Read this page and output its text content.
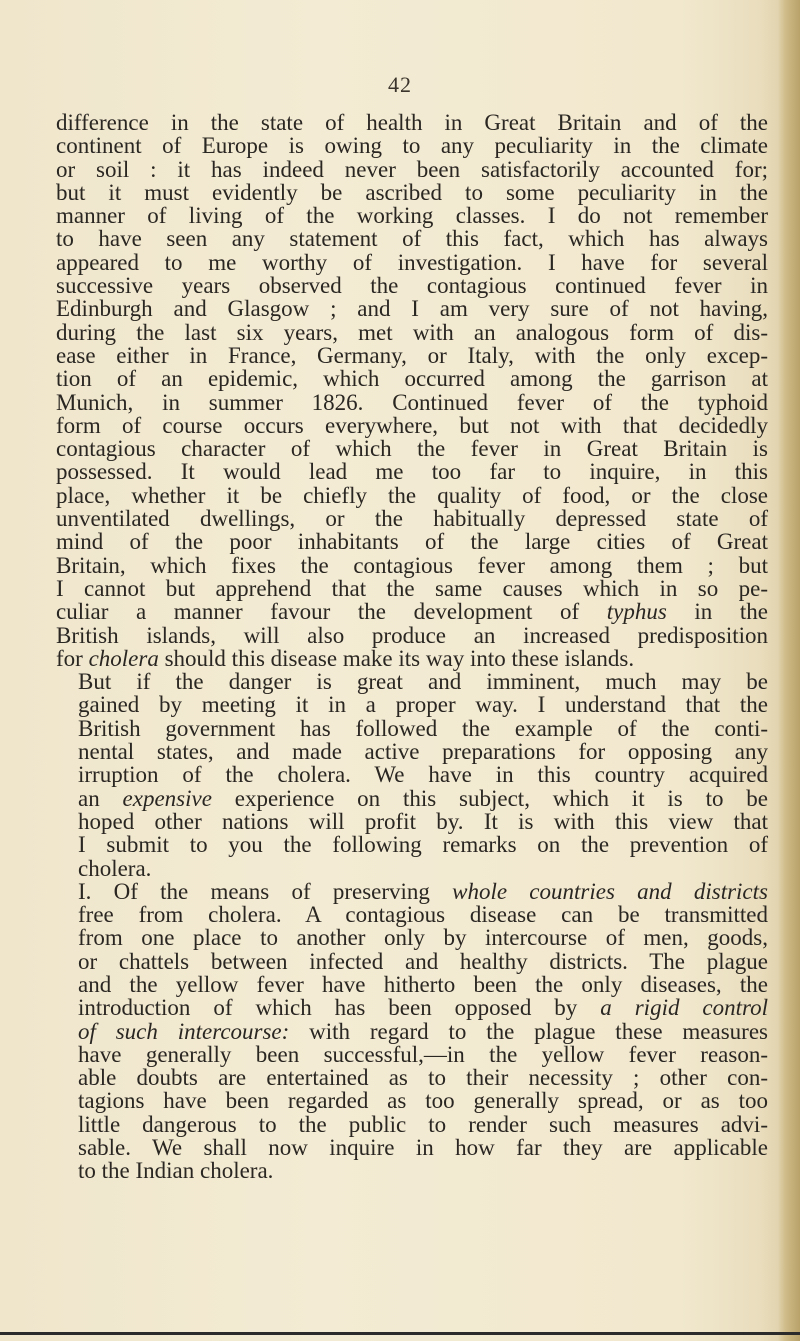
42

difference in the state of health in Great Britain and of the
continent of Europe is owing to any peculiarity in the climate
or soil : it has indeed never been satisfactorily accounted for;
but it must evidently be ascribed to some peculiarity in the
manner of living of the working classes. I do not remember
to have seen any statement of this fact, which has always
appeared to me worthy of investigation. I have for several
successive years observed the contagious continued fever in
Edinburgh and Glasgow ; and I am very sure of not having,
during the last six years, met with an analogous form of dis-
ease either in France, Germany, or Italy, with the only excep-
tion of an epidemic, which occurred among the garrison at
Munich, in summer 1826. Continued fever of the typhoid
form of course occurs everywhere, but not with that decidedly
contagious character of which the fever in Great Britain is
possessed. It would lead me too far to inquire, in this
place, whether it be chiefly the quality of food, or the close
unventilated dwellings, or the habitually depressed state of
mind of the poor inhabitants of the large cities of Great
Britain, which fixes the contagious fever among them ; but
I cannot but apprehend that the same causes which in so pe-
culiar a manner favour the development of typhus in the
British islands, will also produce an increased predisposition
for cholera should this disease make its way into these islands.

But if the danger is great and imminent, much may be
gained by meeting it in a proper way. I understand that the
British government has followed the example of the conti-
nental states, and made active preparations for opposing any
irruption of the cholera. We have in this country acquired
an expensive experience on this subject, which it is to be
hoped other nations will profit by. It is with this view that
I submit to you the following remarks on the prevention of
cholera.

I. Of the means of preserving whole countries and districts
free from cholera. A contagious disease can be transmitted
from one place to another only by intercourse of men, goods,
or chattels between infected and healthy districts. The plague
and the yellow fever have hitherto been the only diseases, the
introduction of which has been opposed by a rigid control
of such intercourse: with regard to the plague these measures
have generally been successful,—in the yellow fever reason-
able doubts are entertained as to their necessity ; other con-
tagions have been regarded as too generally spread, or as too
little dangerous to the public to render such measures advi-
sable. We shall now inquire in how far they are applicable
to the Indian cholera.
